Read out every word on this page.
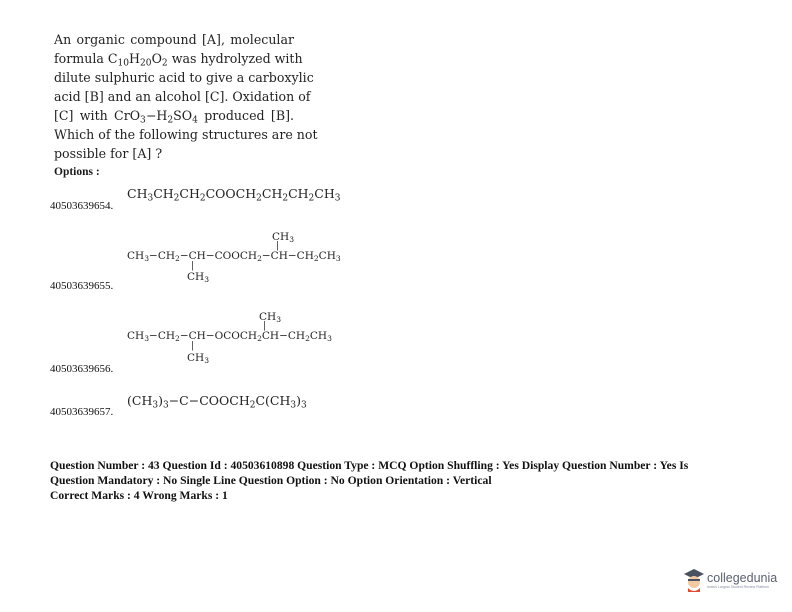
An organic compound [A], molecular
formula $C_{10}H_{20}O_2$ was hydrolyzed with
dilute sulphuric acid to give a carboxylic
acid [B] and an alcohol [C]. Oxidation of
[C] with $CrO_3-H_2SO_4$ produced [B].
Which of the following structures are not
possible for [A] ?
Options :
40503639654.
$CH_3CH_2CH_2COOCH_2CH_2CH_2CH_3$
40503639655.
$CH_3$
|
$CH_3-CH_2-CH-COOCH_2-CH-CH_2CH_3$
|
$CH_3$
40503639656.
$CH_3$
|
$CH_3-CH_2-CH-OCOCH_2CH-CH_2CH_3$
|
$CH_3$
40503639657.
$(CH_3)_3-C-COOCH_2C(CH_3)_3$
Question Number : 43 Question Id : 40503610898 Question Type : MCQ Option Shuffling : Yes Display Question Number : Yes Is
Question Mandatory : No Single Line Question Option : No Option Orientation : Vertical
Correct Marks : 4 Wrong Marks : 1
collegedunia
India's Largest Student Review Platform
